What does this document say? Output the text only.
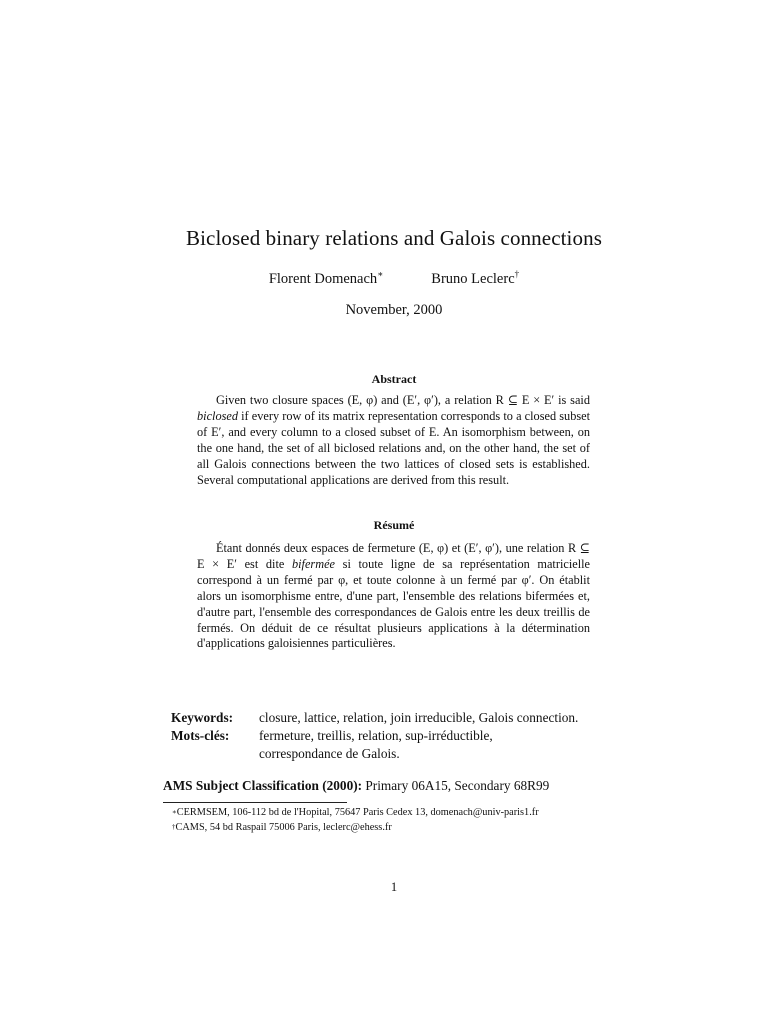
Biclosed binary relations and Galois connections
Florent Domenach∗	Bruno Leclerc†
November, 2000
Abstract

Given two closure spaces (E, φ) and (E′, φ′), a relation R ⊆ E × E′ is said biclosed if every row of its matrix representation corresponds to a closed subset of E′, and every column to a closed subset of E. An isomorphism between, on the one hand, the set of all biclosed relations and, on the other hand, the set of all Galois connections between the two lattices of closed sets is established. Several computational applications are derived from this result.

Résumé

Étant donnés deux espaces de fermeture (E, φ) et (E′, φ′), une relation R ⊆ E × E′ est dite bifermée si toute ligne de sa représentation matricielle correspond à un fermé par φ, et toute colonne à un fermé par φ′. On établit alors un isomorphisme entre, d'une part, l'ensemble des relations bifermées et, d'autre part, l'ensemble des correspondances de Galois entre les deux treillis de fermés. On déduit de ce résultat plusieurs applications à la détermination d'applications galoisiennes particulières.

Keywords:	closure, lattice, relation, join irreducible, Galois connection.
Mots-clés:	fermeture, treillis, relation, sup-irréductible,
	correspondance de Galois.
AMS Subject Classification (2000): Primary 06A15, Secondary 68R99
∗CERMSEM, 106-112 bd de l'Hopital, 75647 Paris Cedex 13, domenach@univ-paris1.fr
†CAMS, 54 bd Raspail 75006 Paris, leclerc@ehess.fr
1
